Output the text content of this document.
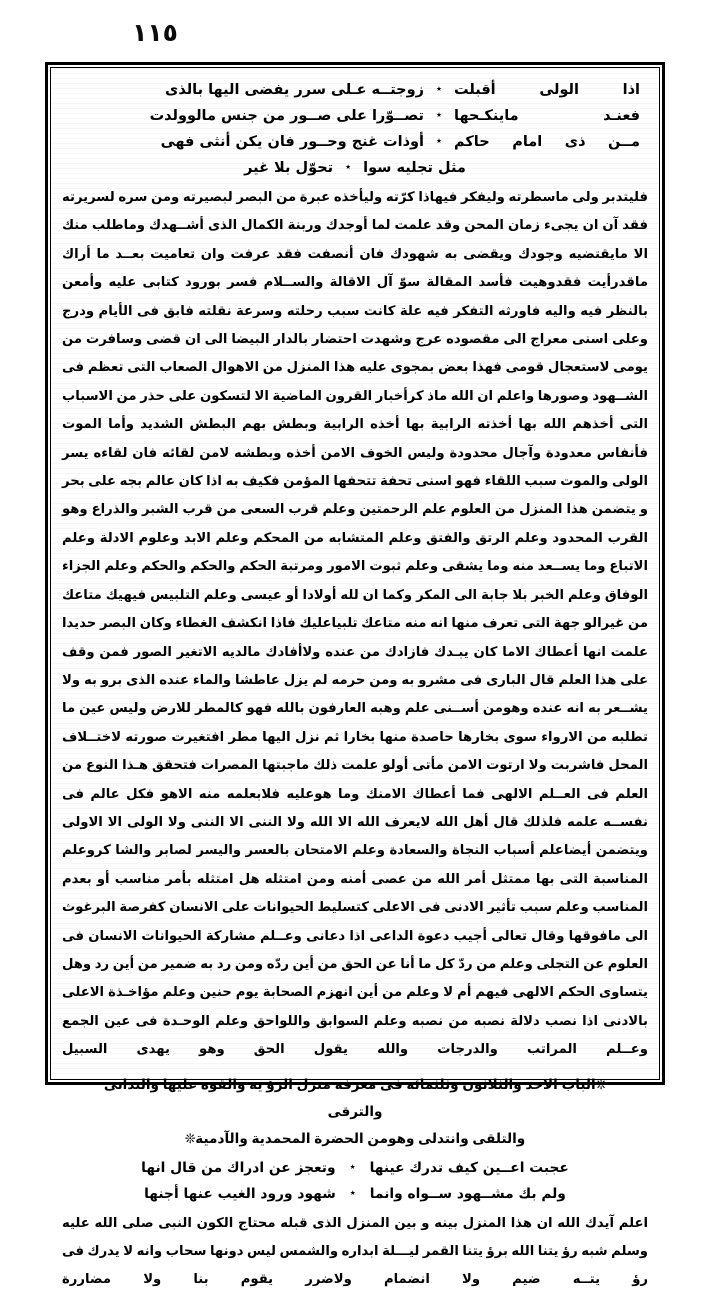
١١٥
اذا الولى أقبلت
٭
زوجتــه عـلى سرر يفضى اليها بالذى
فعنـد ماينكـحها
٭
تصــوّرا على صــور من جنس مالوولدت
مــن ذى امام حاكم
٭
أوذات غنج وحــور فان يكن أنثى فهى
مثل تجليه سوا
٭
تحوّل بلا غير

فليتدبر ولى ماسطرته وليفكر فيهاذا كرّته وليأخذه عبرة من البصر لبصيرته ومن سره لسريرته فقد آن ان يجى‌ء زمان المحن وقد علمت لما أوجدك وربنة الكمال الذى أشــهدك وماطلب منك الا مايقتضيه وجودك ويقضى به شهودك فان أنصفت فقد عرفت وان تعاميت بعــد ما أراك ماقدرأيت فقدوهيت فأسد المقالة سوّ آل الاقالة والســلام فسر بورود كتابى عليه وأمعن بالنظر فيه واليه فاورثه التفكر فيه علة كانت سبب رحلته وسرعة نقلته فابق فى الأيام ودرج وعلى اسنى معراج الى مقصوده عرج وشهدت احتضار بالدار البيضا الى ان قضى وسافرت من يومى لاستعجال قومى فهذا بعض بمجوى عليه هذا المنزل من الاهوال الصعاب التى تعظم فى الشــهود وصورها واعلم ان الله ماذ كرأخبار القرون الماضية الا لتسكون على حذر من الاسباب التى أخذهم الله بها أخذته الرابية بها أخذه الرابية وبطش بهم البطش الشديد وأما الموت فأنفاس معدودة وآجال محدودة وليس الخوف الامن أخذه وبطشه لامن لقائه فان لقاءه يسر الولى والموت سبب اللقاء فهو اسنى تحفة تتحفها المؤمن فكيف به اذا كان عالم بجه على بحر و يتضمن هذا المنزل من العلوم علم الرحمتين وعلم قرب السعى من قرب الشبر والذراع وهو القرب المحدود وعلم الرتق والفتق وعلم المتشابه من المحكم وعلم الابد وعلوم الادلة وعلم الاتباع وما يســعد منه وما يشقى وعلم ثبوت الامور ومرتبة الحكم والحكم والحكم وعلم الجزاء الوفاق وعلم الخبر بلا جابة الى المكر وكما ان لله أولادا أو عيسى وعلم التلبيس فيهيك متاعك من غيرالو جهة التى تعرف منها انه منه متاعك تلبياعليك فاذا انكشف الغطاء وكان البصر حديدا علمت انها أعطاك الاما كان يبـدك فازادك ‌من عنده ولاأفادك مالديه الاتغير الصور فمن وقف على هذا العلم قال البارى فى مشرو به ومن حرمه لم يزل عاطشا والماء عنده الذى برو به ولا يشــعر به انه عنده وهومن أســنى علم وهبه العارفون بالله فهو كالمطر للارض وليس عين ما تطلبه من الارواء سوى بخارها حاصدة منها بخارا ثم نزل اليها مطر افتغيرت صورته لاختــلاف المحل فاشربت ولا ارتوت الامن مأتى أولو علمت ذلك ماجبتها المصرات فتحقق هـذا النوع من العلم فى العــلم الالهى فما أعطاك الامنك وما هوعليه فلابعلمه منه الاهو فكل عالم فى نفســه علمه فلذلك قال أهل الله لايعرف الله الا الله ولا الننى الا الننى ولا الولى الا الاولى ويتضمن أيضاعلم أسباب النجاة والسعادة وعلم الامتحان بالعسر واليسر لصابر والشا كروعلم المناسبة التى بها ممتثل أمر الله من عصى أمنه ومن امتثله هل امتثله بأمر مناسب أو بعدم المناسب وعلم سبب تأثير الادنى فى الاعلى كتسليط الحيوانات على الانسان كفرصة البرغوث الى مافوقها وقال تعالى أجيب دعوة الداعى اذا دعانى وعــلم مشاركة الحيوانات الانسان فى العلوم عن التجلى وعلم من ردّ كل ما أنا عن الحق من أين ردّه ومن رد به ضمير من أين رد وهل يتساوى الحكم الالهى فيهم أم لا وعلم من أين انهزم الصحابة يوم حنين وعلم مؤاخـذة الاعلى بالادنى اذا نصب دلالة نصبه من نصبه وعلم السوابق واللواحق وعلم الوحـدة فى عين الجمع وعــلم المراتب والدرجات والله يقول الحق وهو يهدى السبيل

❊الباب الاحد والثلاثون وثلثمائة فى معرفة منزل الرؤ ية والقوة عليها والتدانى والترقى
والتلقى وانتدلى وهومن الحضرة المحمدية والآدمية❊
عجبت اعــين كيف تدرك عينها
٭
وتعجز عن ادراك من قال انها
ولم بك مشــهود ســواه وانما
٭
شهود ورود الغيب عنها أجنها

اعلم آيدك الله ان هذا المنزل بينه و بين المنزل الذى قبله محتاج الكون النبى صلى الله عليه وسلم شبه رؤ يتنا الله برؤ يتنا القمر ليـــلة ابداره والشمس ليس دونها سحاب وانه لا يدرك فى رؤ يتــه ضيم ولا انضمام ولاضرر يقوم بنا ولا مضاررة
